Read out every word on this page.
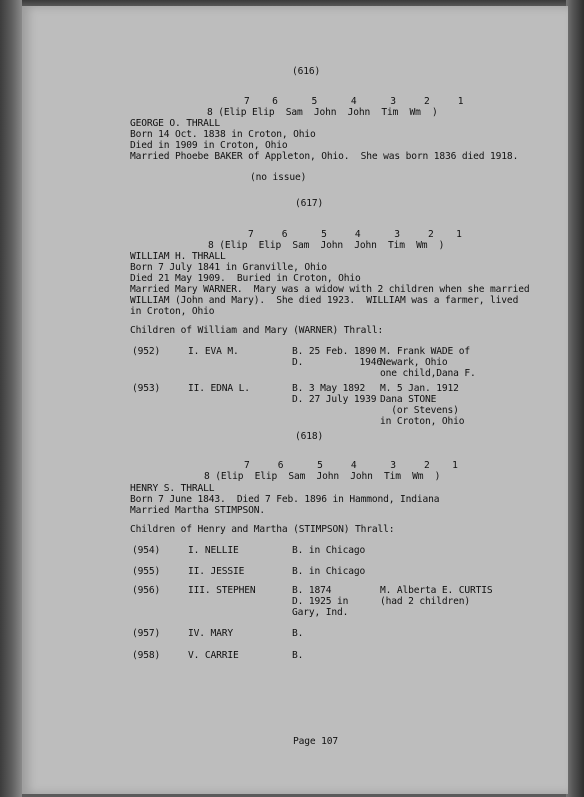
(616)
7    6      5      4      3     2     1
8 (Elip Elip  Sam  John  John  Tim  Wm  )
GEORGE O. THRALL
Born 14 Oct. 1838 in Croton, Ohio
Died in 1909 in Croton, Ohio
Married Phoebe BAKER of Appleton, Ohio.  She was born 1836 died 1918.
(no issue)
(617)
7     6      5     4      3     2    1
8 (Elip  Elip  Sam  John  John  Tim  Wm  )
WILLIAM H. THRALL
Born 7 July 1841 in Granville, Ohio
Died 21 May 1909.  Buried in Croton, Ohio
Married Mary WARNER.  Mary was a widow with 2 children when she married
WILLIAM (John and Mary).  She died 1923.  WILLIAM was a farmer, lived
in Croton, Ohio
Children of William and Mary (WARNER) Thrall:
(952)	I. EVA M.	B. 25 Feb. 1890
D.          1946
M. Frank WADE of
Newark, Ohio
one child,Dana F.
(953)	II. EDNA L.	B. 3 May 1892
D. 27 July 1939
M. 5 Jan. 1912
Dana STONE
(or Stevens)
in Croton, Ohio
(618)
7     6      5     4      3     2    1
8 (Elip  Elip  Sam  John  John  Tim  Wm  )
HENRY S. THRALL
Born 7 June 1843.  Died 7 Feb. 1896 in Hammond, Indiana
Married Martha STIMPSON.
Children of Henry and Martha (STIMPSON) Thrall:
(954)	I. NELLIE	B. in Chicago
(955)	II. JESSIE	B. in Chicago
(956)	III. STEPHEN	B. 1874
D. 1925 in
Gary, Ind.
M. Alberta E. CURTIS
(had 2 children)
(957)	IV. MARY	B.
(958)	V. CARRIE	B.
Page 107
